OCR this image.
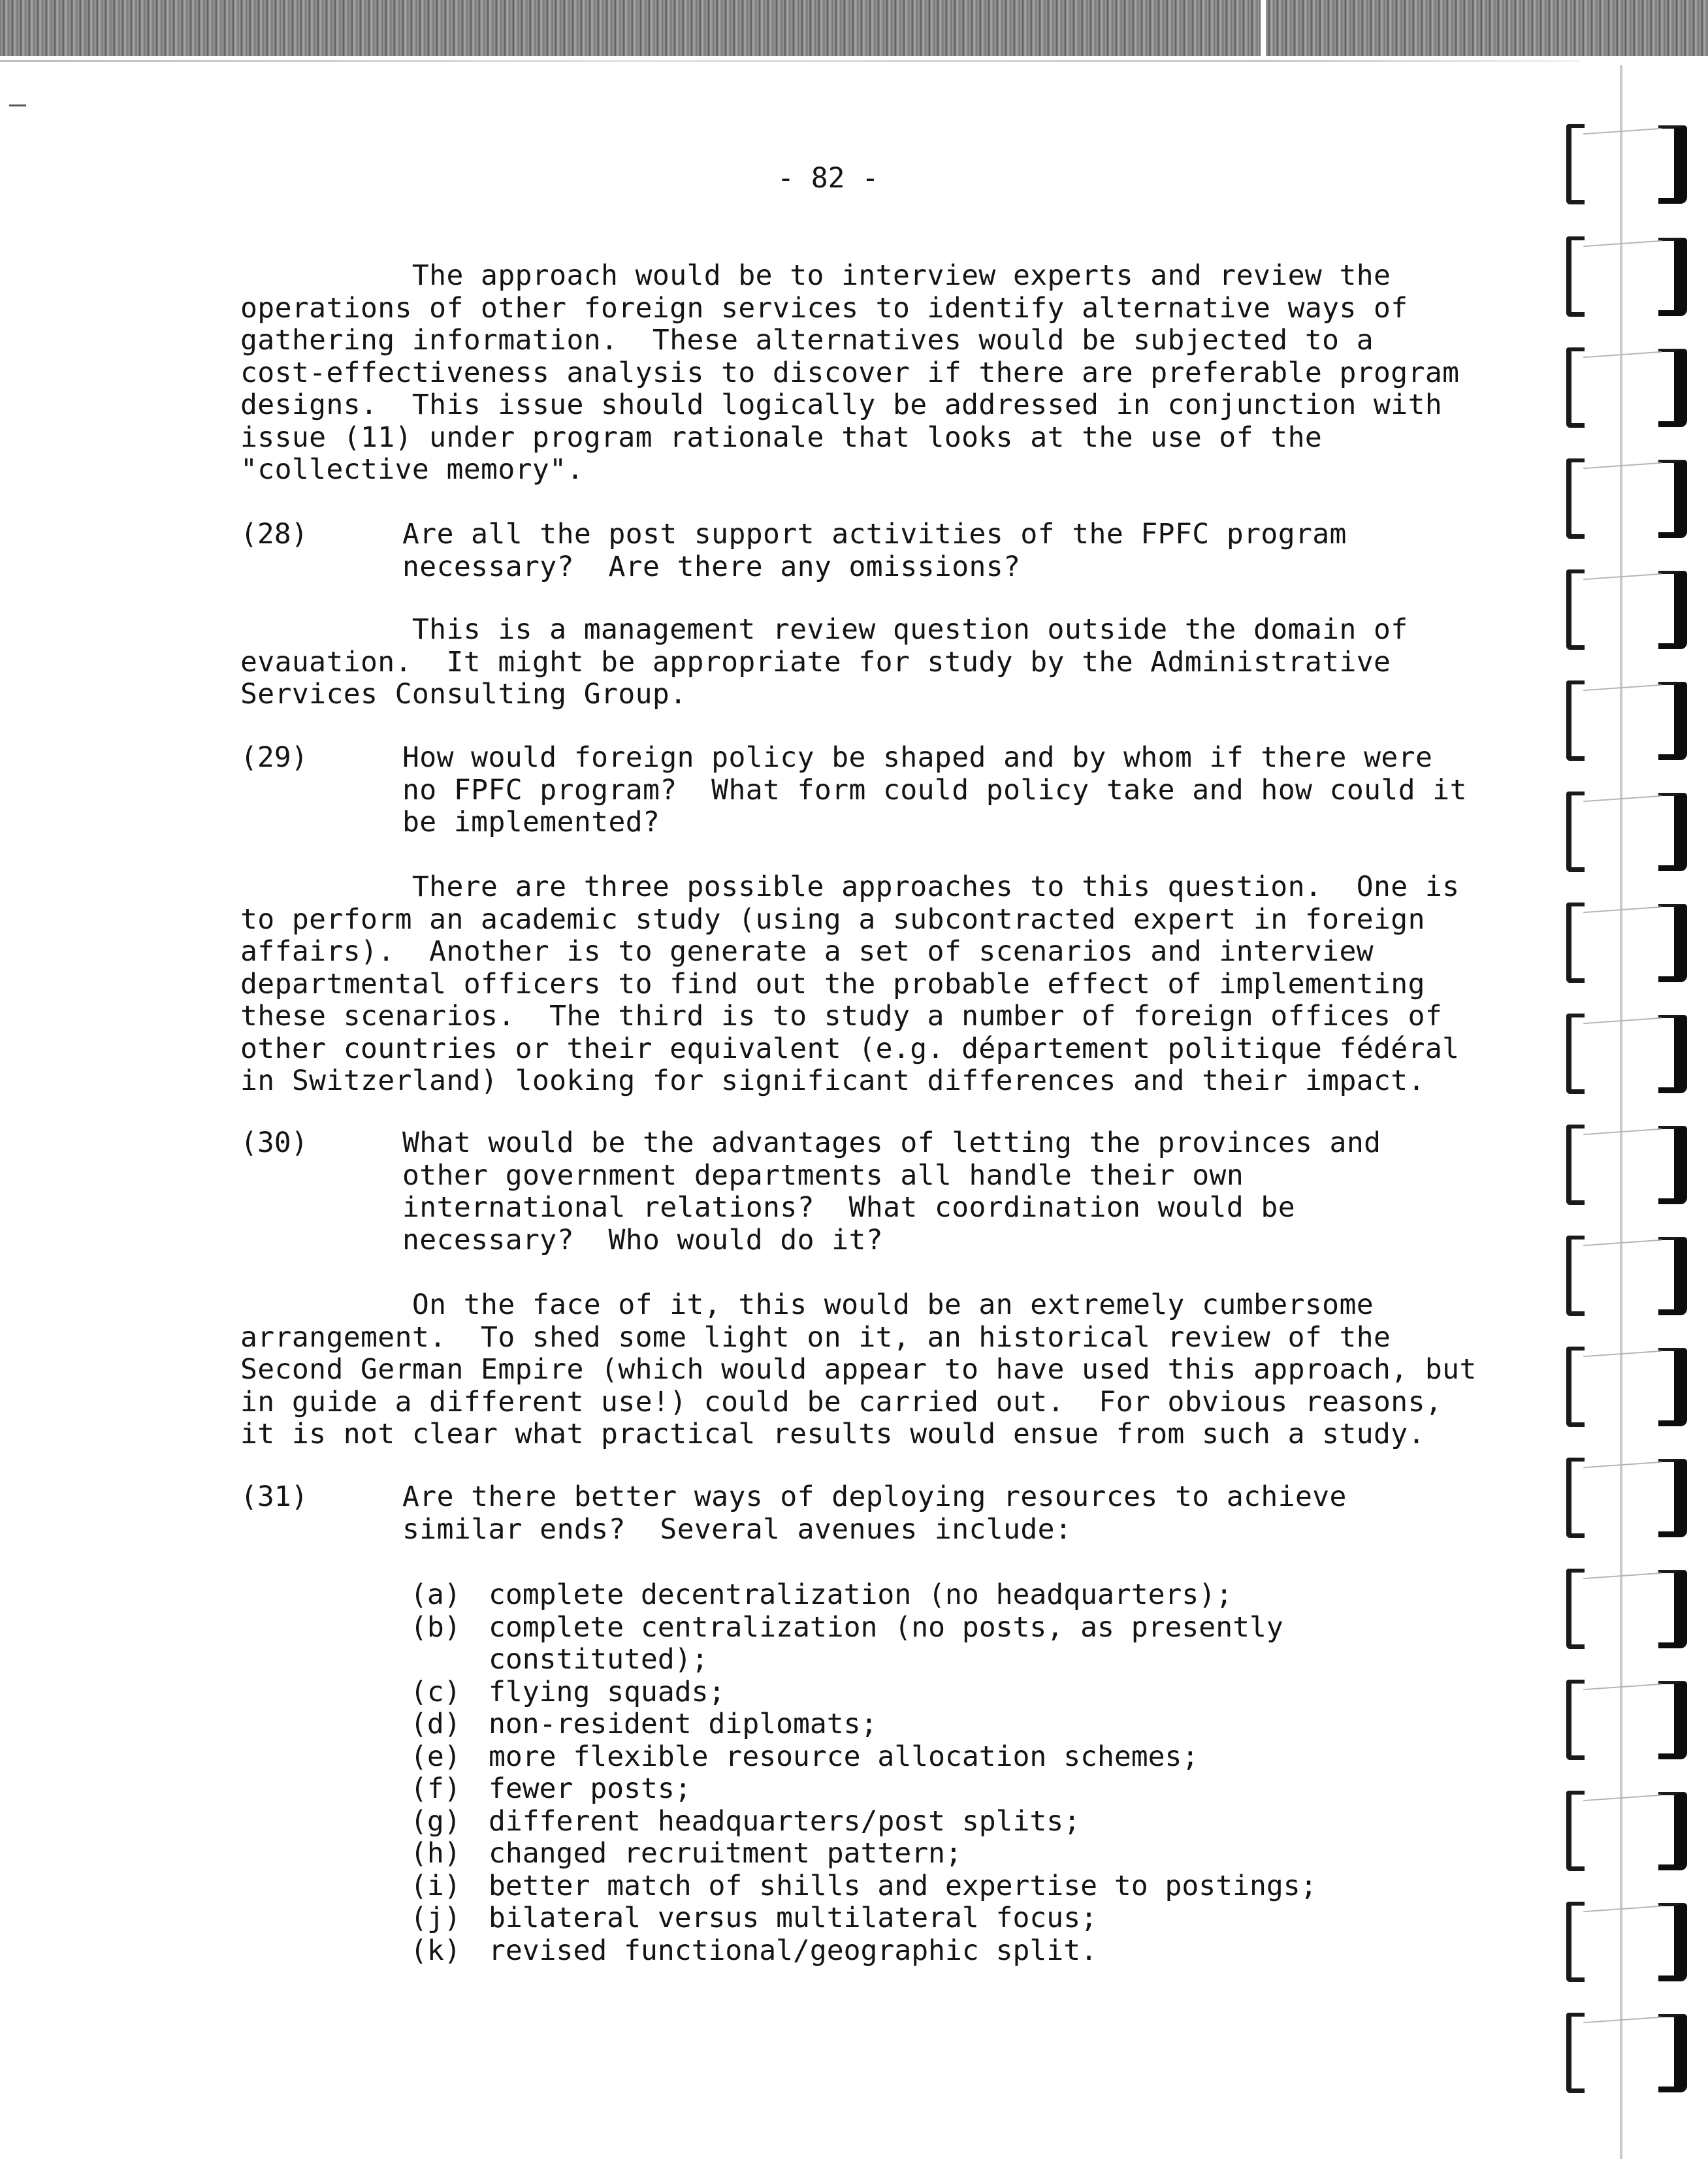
- 82 -
The approach would be to interview experts and review the
operations of other foreign services to identify alternative ways of
gathering information.  These alternatives would be subjected to a
cost-effectiveness analysis to discover if there are preferable program
designs.  This issue should logically be addressed in conjunction with
issue (11) under program rationale that looks at the use of the
"collective memory".
(28)	Are all the post support activities of the FPFC program
necessary?  Are there any omissions?
This is a management review question outside the domain of
evauation.  It might be appropriate for study by the Administrative
Services Consulting Group.
(29)	How would foreign policy be shaped and by whom if there were
no FPFC program?  What form could policy take and how could it
be implemented?
There are three possible approaches to this question.  One is
to perform an academic study (using a subcontracted expert in foreign
affairs).  Another is to generate a set of scenarios and interview
departmental officers to find out the probable effect of implementing
these scenarios.  The third is to study a number of foreign offices of
other countries or their equivalent (e.g. département politique fédéral
in Switzerland) looking for significant differences and their impact.
(30)	What would be the advantages of letting the provinces and
other government departments all handle their own
international relations?  What coordination would be
necessary?  Who would do it?
On the face of it, this would be an extremely cumbersome
arrangement.  To shed some light on it, an historical review of the
Second German Empire (which would appear to have used this approach, but
in guide a different use!) could be carried out.  For obvious reasons,
it is not clear what practical results would ensue from such a study.
(31)	Are there better ways of deploying resources to achieve
similar ends?  Several avenues include:
(a) complete decentralization (no headquarters);
(b) complete centralization (no posts, as presently
constituted);
(c) flying squads;
(d) non-resident diplomats;
(e) more flexible resource allocation schemes;
(f) fewer posts;
(g) different headquarters/post splits;
(h) changed recruitment pattern;
(i) better match of shills and expertise to postings;
(j) bilateral versus multilateral focus;
(k) revised functional/geographic split.
